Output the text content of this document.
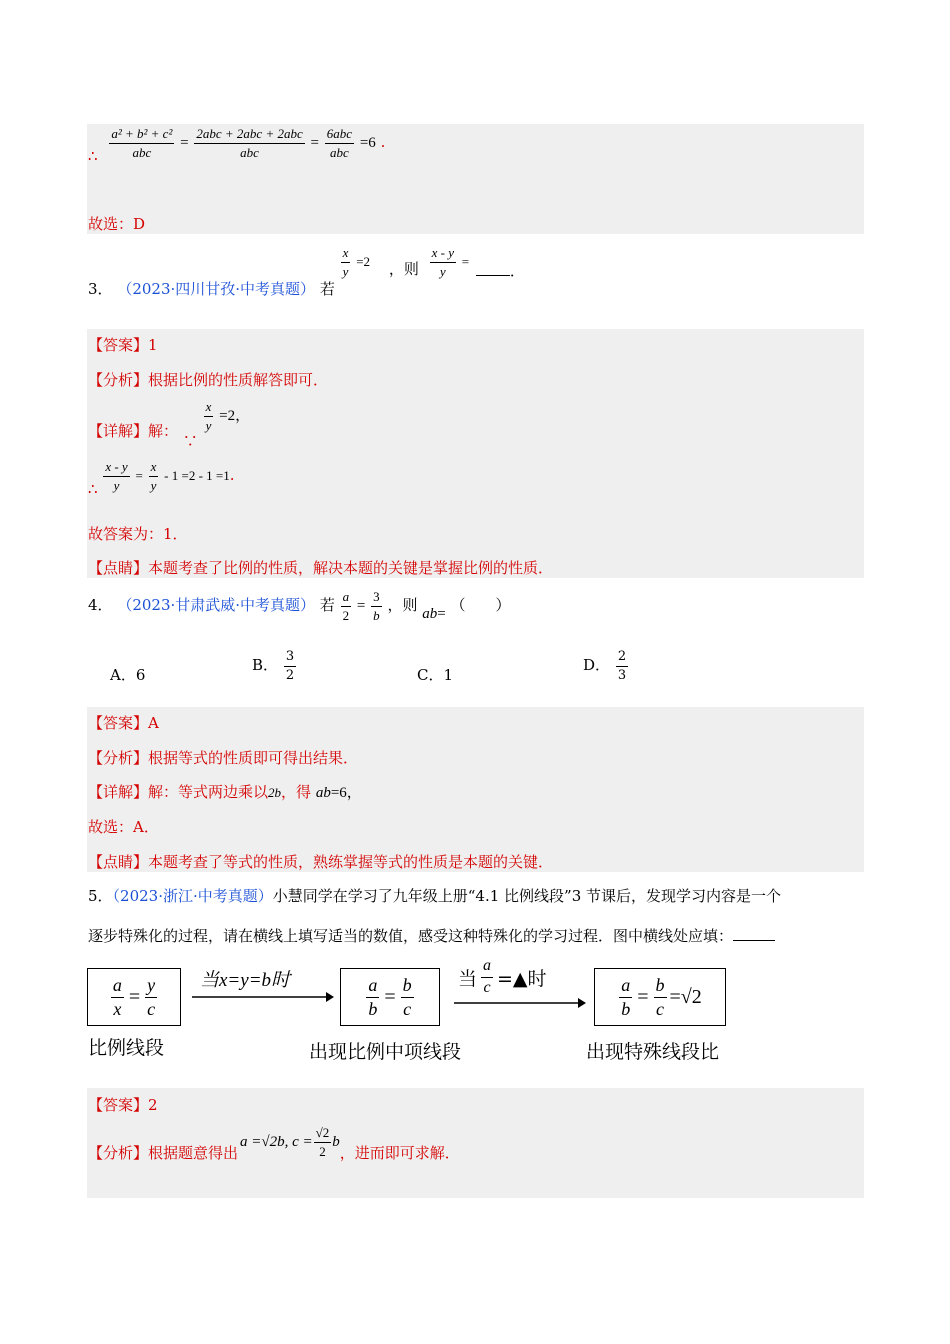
∴ $\frac{\text{a² + b² + c²}}{\text{abc}} = \frac{\text{2abc + 2abc + 2abc}}{\text{abc}} = \frac{\text{6abc}}{\text{abc}} =6$ .
故选：D
3． （2023·四川甘孜·中考真题） 若
$\frac{x}{y} =2$ ，则 $\frac{x - y}{y}$ = ．
【答案】1
【分析】根据比例的性质解答即可．
【详解】解： ∵
$\frac{x}{y} =2$，
∴ $\frac{x - y}{y} = \frac{x}{y} - 1 =2 - 1 =1$.
故答案为：1．
【点睛】本题考查了比例的性质，解决本题的关键是掌握比例的性质．
4． （2023·甘肃武威·中考真题） 若 $\frac{a}{2} = \frac{3}{b}$ ，则 ab= （　　）
A．6
B． $\frac{3}{2}$	C．1
D． $\frac{2}{3}$
【答案】A
【分析】根据等式的性质即可得出结果．
【详解】解：等式两边乘以2b，得 ab=6，
故选：A．
【点睛】本题考查了等式的性质，熟练掌握等式的性质是本题的关键．
5．（2023·浙江·中考真题）小慧同学在学习了九年级上册“4.1 比例线段”3 节课后，发现学习内容是一个
逐步特殊化的过程，请在横线上填写适当的数值，感受这种特殊化的学习过程．图中横线处应填：
$\frac{a}{x} = \frac{y}{c}$ 当x=y=b时	$\frac{a}{b} = \frac{b}{c}$ 当 $\frac{a}{c}$ =▲时	$\frac{a}{b} = \frac{b}{c} =√2$
比例线段	出现比例中项线段	出现特殊线段比
【答案】2
【分析】根据题意得出
a =√2b, $c = \frac{√2}{2}$ b
，进而即可求解．
